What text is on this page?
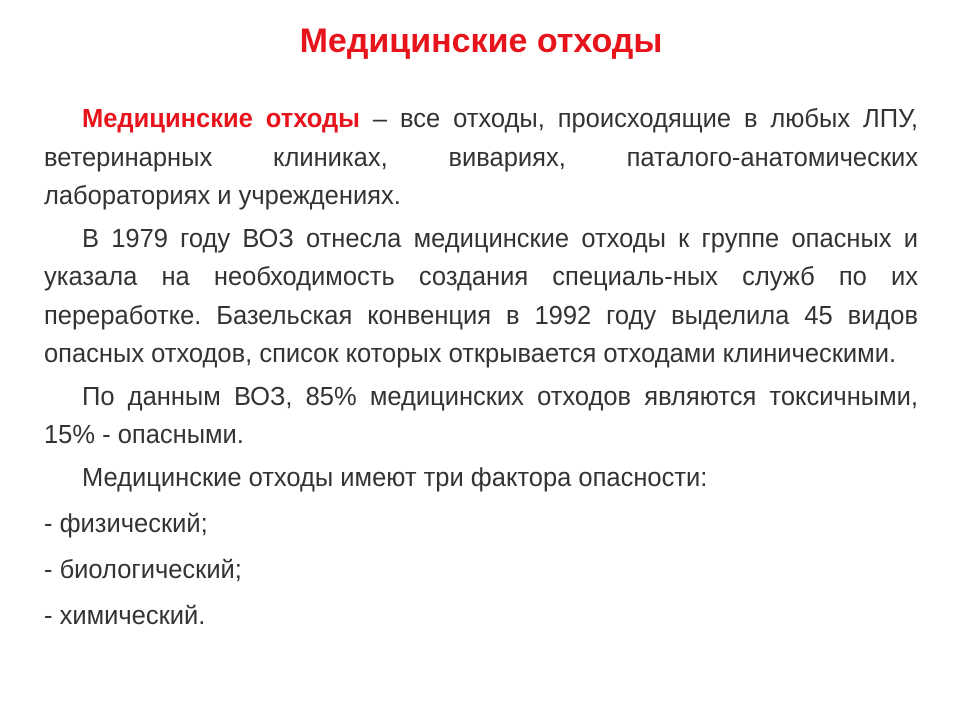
Медицинские отходы

Медицинские отходы – все отходы, происходящие в любых ЛПУ, ветеринарных клиниках, вивариях, паталого-анатомических лабораториях и учреждениях.

В 1979 году ВОЗ отнесла медицинские отходы к группе опасных и указала на необходимость создания специаль-ных служб по их переработке. Базельская конвенция в 1992 году выделила 45 видов опасных отходов, список которых открывается отходами клиническими.

По данным ВОЗ, 85% медицинских отходов являются токсичными, 15% - опасными.

Медицинские отходы имеют три фактора опасности:

- физический;
- биологический;
- химический.
